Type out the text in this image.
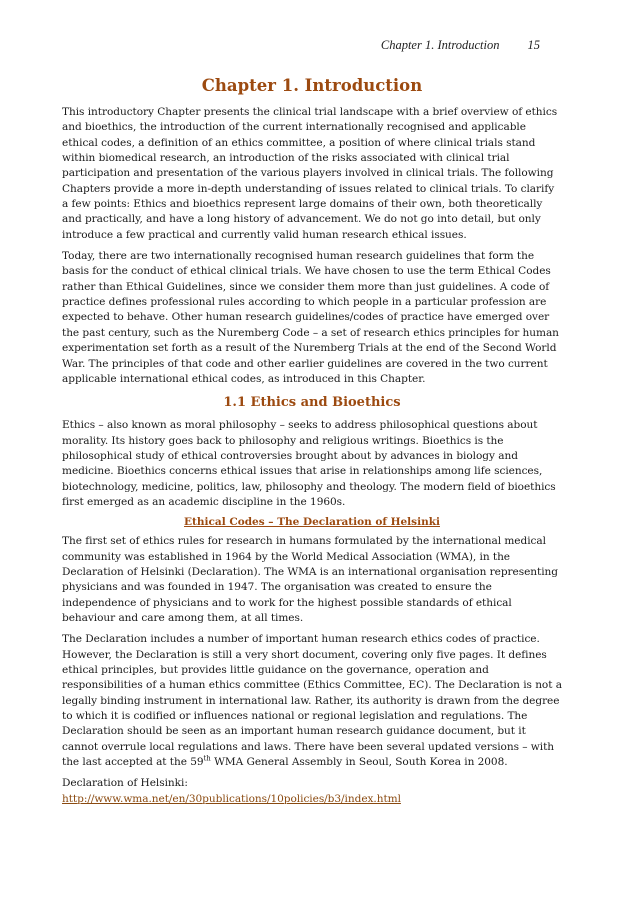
Chapter 1. Introduction 15
Chapter 1. Introduction

This introductory Chapter presents the clinical trial landscape with a brief overview of ethics and bioethics, the introduction of the current internationally recognised and applicable ethical codes, a definition of an ethics committee, a position of where clinical trials stand within biomedical research, an introduction of the risks associated with clinical trial participation and presentation of the various players involved in clinical trials. The following Chapters provide a more in-depth understanding of issues related to clinical trials. To clarify a few points: Ethics and bioethics represent large domains of their own, both theoretically and practically, and have a long history of advancement. We do not go into detail, but only introduce a few practical and currently valid human research ethical issues.

Today, there are two internationally recognised human research guidelines that form the basis for the conduct of ethical clinical trials. We have chosen to use the term Ethical Codes rather than Ethical Guidelines, since we consider them more than just guidelines. A code of practice defines professional rules according to which people in a particular profession are expected to behave. Other human research guidelines/codes of practice have emerged over the past century, such as the Nuremberg Code – a set of research ethics principles for human experimentation set forth as a result of the Nuremberg Trials at the end of the Second World War. The principles of that code and other earlier guidelines are covered in the two current applicable international ethical codes, as introduced in this Chapter.

1.1 Ethics and Bioethics

Ethics – also known as moral philosophy – seeks to address philosophical questions about morality. Its history goes back to philosophy and religious writings. Bioethics is the philosophical study of ethical controversies brought about by advances in biology and medicine. Bioethics concerns ethical issues that arise in relationships among life sciences, biotechnology, medicine, politics, law, philosophy and theology. The modern field of bioethics first emerged as an academic discipline in the 1960s.

Ethical Codes – The Declaration of Helsinki

The first set of ethics rules for research in humans formulated by the international medical community was established in 1964 by the World Medical Association (WMA), in the Declaration of Helsinki (Declaration). The WMA is an international organisation representing physicians and was founded in 1947. The organisation was created to ensure the independence of physicians and to work for the highest possible standards of ethical behaviour and care among them, at all times.

The Declaration includes a number of important human research ethics codes of practice. However, the Declaration is still a very short document, covering only five pages. It defines ethical principles, but provides little guidance on the governance, operation and responsibilities of a human ethics committee (Ethics Committee, EC). The Declaration is not a legally binding instrument in international law. Rather, its authority is drawn from the degree to which it is codified or influences national or regional legislation and regulations. The Declaration should be seen as an important human research guidance document, but it cannot overrule local regulations and laws. There have been several updated versions – with the last accepted at the 59th WMA General Assembly in Seoul, South Korea in 2008.

Declaration of Helsinki:
http://www.wma.net/en/30publications/10policies/b3/index.html
